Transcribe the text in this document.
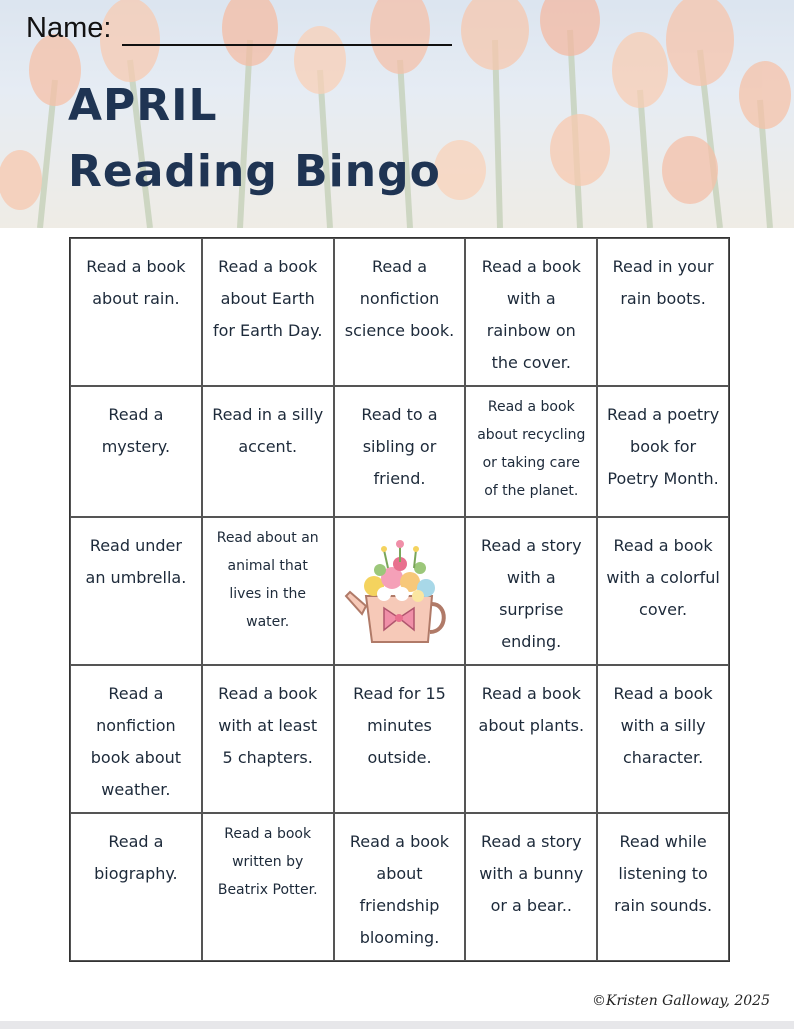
Name:
APRIL
Reading Bingo
Read a book about rain.
Read a book about Earth for Earth Day.
Read a nonfiction science book.
Read a book with a rainbow on the cover.
Read in your rain boots.
Read a mystery.
Read in a silly accent.
Read to a sibling or friend.
Read a book about recycling or taking care of the planet.
Read a poetry book for Poetry Month.
Read under an umbrella.
Read about an animal that lives in the water.
Read a story with a surprise ending.
Read a book with a colorful cover.
Read a nonfiction book about weather.
Read a book with at least 5 chapters.
Read for 15 minutes outside.
Read a book about plants.
Read a book with a silly character.
Read a biography.
Read a book written by Beatrix Potter.
Read a book about friendship blooming.
Read a story with a bunny or a bear..
Read while listening to rain sounds.
©Kristen Galloway, 2025
